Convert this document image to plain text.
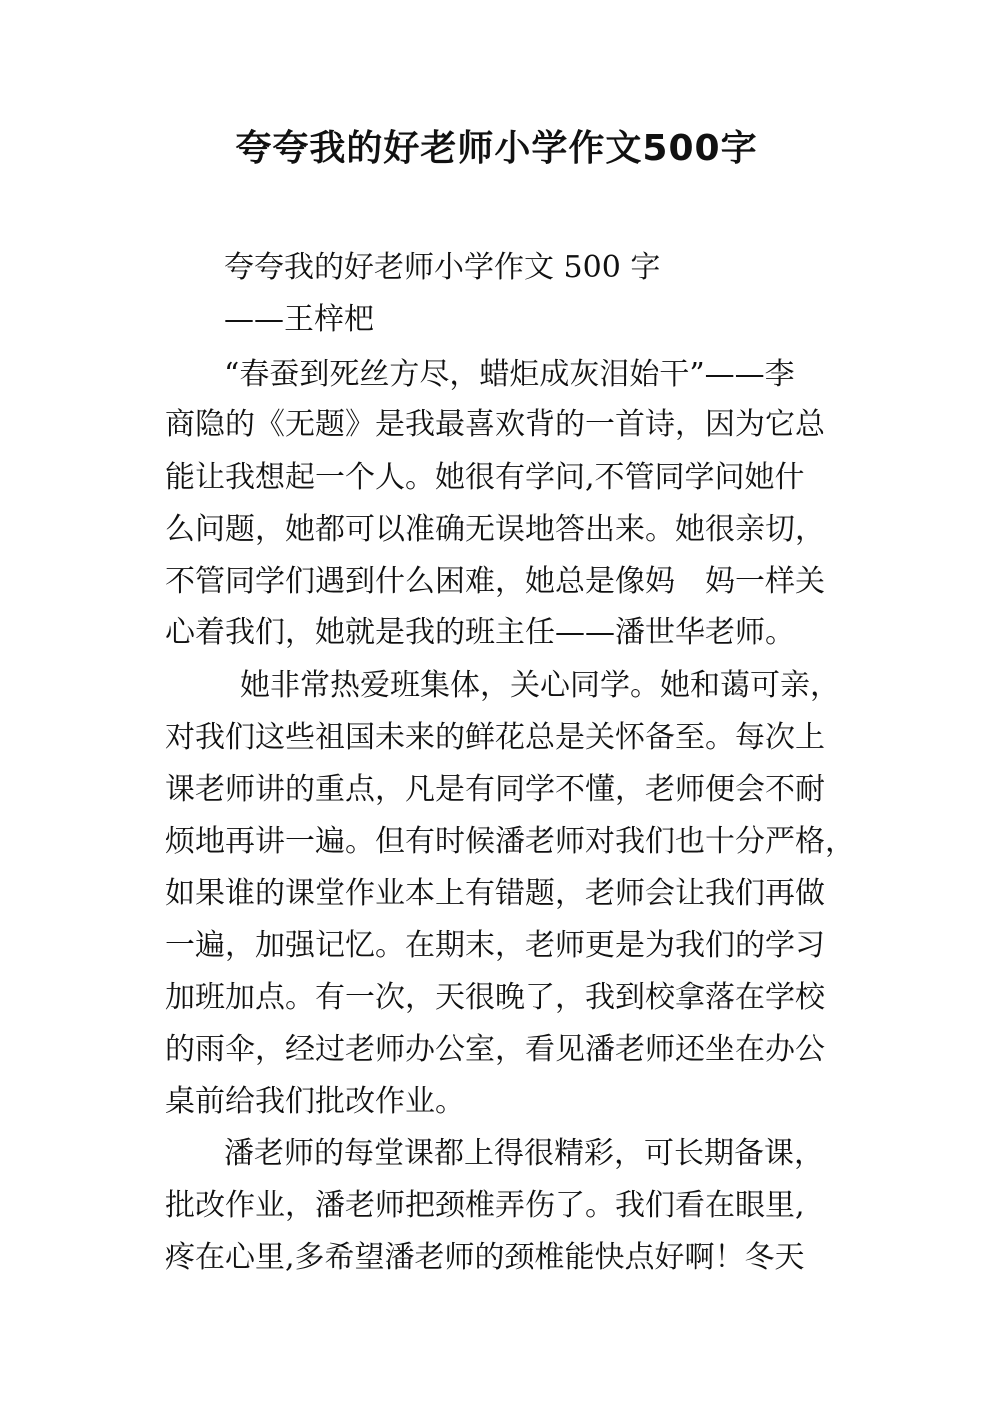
夸夸我的好老师小学作文500字
夸夸我的好老师小学作文 500 字
——王梓杷
“春蚕到死丝方尽，蜡炬成灰泪始干”——李
商隐的《无题》是我最喜欢背的一首诗，因为它总
能让我想起一个人。她很有学问,不管同学问她什
么问题，她都可以准确无误地答出来。她很亲切，
不管同学们遇到什么困难，她总是像妈　妈一样关
心着我们，她就是我的班主任——潘世华老师。
她非常热爱班集体，关心同学。她和蔼可亲，
对我们这些祖国未来的鲜花总是关怀备至。每次上
课老师讲的重点，凡是有同学不懂，老师便会不耐
烦地再讲一遍。但有时候潘老师对我们也十分严格，
如果谁的课堂作业本上有错题，老师会让我们再做
一遍，加强记忆。在期末，老师更是为我们的学习
加班加点。有一次，天很晚了，我到校拿落在学校
的雨伞，经过老师办公室，看见潘老师还坐在办公
桌前给我们批改作业。
潘老师的每堂课都上得很精彩，可长期备课，
批改作业，潘老师把颈椎弄伤了。我们看在眼里,
疼在心里,多希望潘老师的颈椎能快点好啊！冬天
